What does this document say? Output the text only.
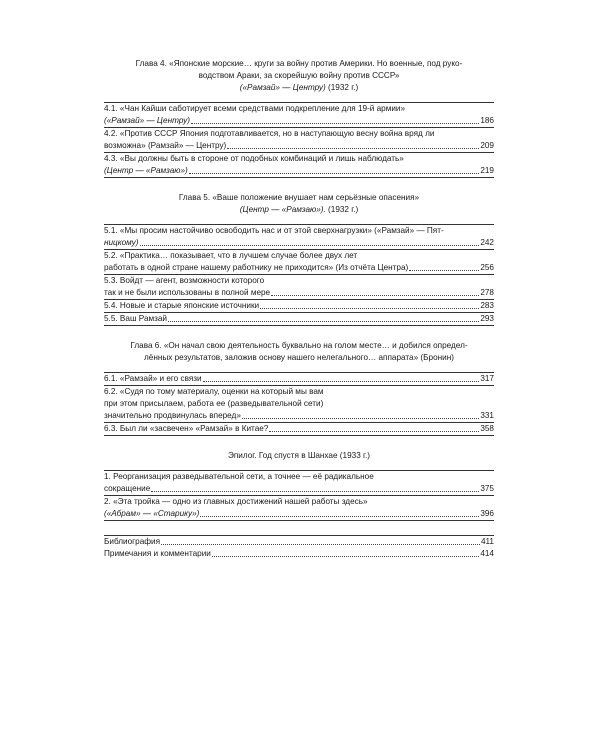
Глава 4. «Японские морские… круги за войну против Америки. Но военные, под руко-
водством Араки, за скорейшую войну против СССР»
(«Рамзай» — Центру) (1932 г.)
4.1. «Чан Кайши саботирует всеми средствами подкрепление для 19-й армии»
(«Рамзай» — Центру)	186
4.2. «Против СССР Япония подготавливается, но в наступающую весну война вряд ли
возможна» (Рамзай» — Центру)	209
4.3. «Вы должны быть в стороне от подобных комбинаций и лишь наблюдать»
(Центр — «Рамзаю»)	219
Глава 5. «Ваше положение внушает нам серьёзные опасения»
(Центр — «Рамзаю»). (1932 г.)
5.1. «Мы просим настойчиво освободить нас и от этой сверхнагрузки» («Рамзай» — Пят-
ницкому)	242
5.2. «Практика… показывает, что в лучшем случае более двух лет
работать в одной стране нашему работнику не приходится» (Из отчёта Центра)	256
5.3. Войдт — агент, возможности которого
так и не были использованы в полной мере	278
5.4. Новые и старые японские источники	283
5.5. Ваш Рамзай	293
Глава 6. «Он начал свою деятельность буквально на голом месте… и добился определ-
лённых результатов, заложив основу нашего нелегального… аппарата» (Бронин)
6.1. «Рамзай» и его связи	317
6.2. «Судя по тому материалу, оценки на который мы вам
при этом присылаем, работа ее (разведывательной сети)
значительно продвинулась вперед»	331
6.3. Был ли «засвечен» «Рамзай» в Китае?	358
Эпилог. Год спустя в Шанхае (1933 г.)
1. Реорганизация разведывательной сети, а точнее — её радикальное
сокращение	375
2. «Эта тройка — одно из главных достижений нашей работы здесь»
(«Абрам» — «Старику»)	396
Библиография	411
Примечания и комментарии	414
